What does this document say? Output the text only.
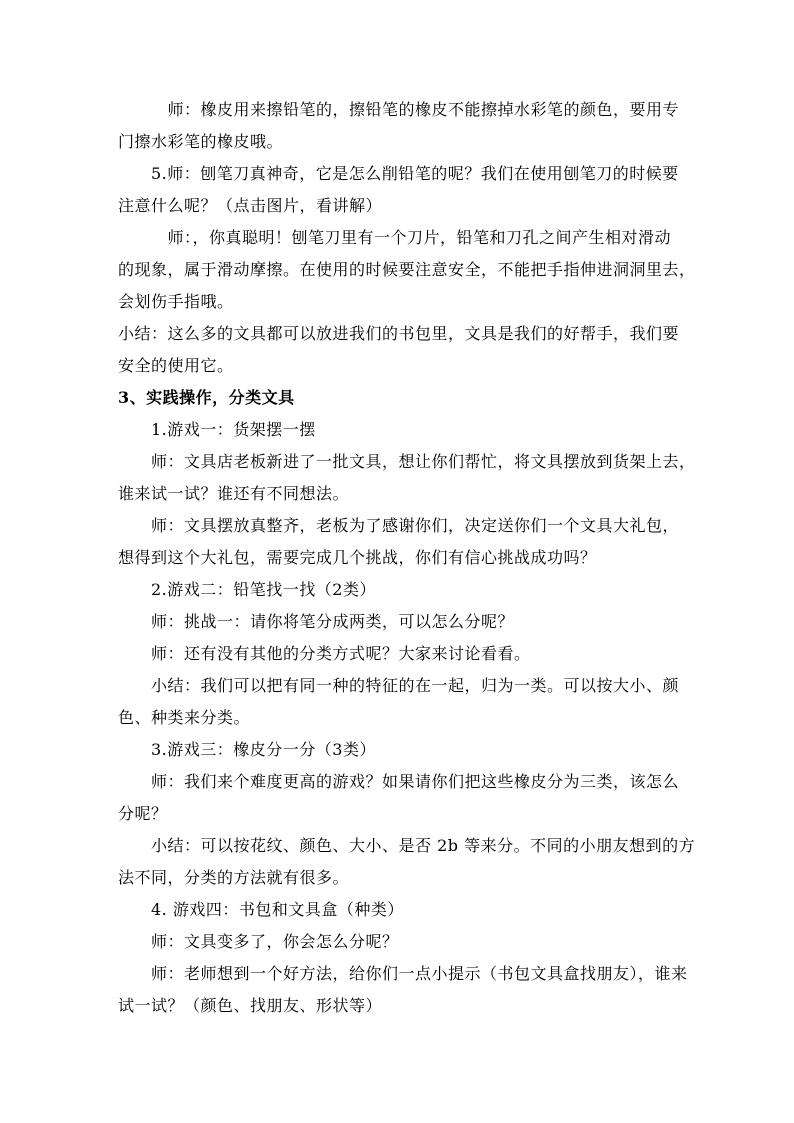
　　　师：橡皮用来擦铅笔的，擦铅笔的橡皮不能擦掉水彩笔的颜色，要用专

门擦水彩笔的橡皮哦。

　　5.师：刨笔刀真神奇，它是怎么削铅笔的呢？我们在使用刨笔刀的时候要

注意什么呢？（点击图片，看讲解）

　　　师：，你真聪明！刨笔刀里有一个刀片，铅笔和刀孔之间产生相对滑动

的现象，属于滑动摩擦。在使用的时候要注意安全，不能把手指伸进洞洞里去，

会划伤手指哦。

小结：这么多的文具都可以放进我们的书包里，文具是我们的好帮手，我们要

安全的使用它。

3、实践操作，分类文具

　　1.游戏一：货架摆一摆

　　师：文具店老板新进了一批文具，想让你们帮忙，将文具摆放到货架上去，

谁来试一试？谁还有不同想法。

　　师：文具摆放真整齐，老板为了感谢你们，决定送你们一个文具大礼包，

想得到这个大礼包，需要完成几个挑战，你们有信心挑战成功吗？

　　2.游戏二：铅笔找一找（2类）

　　师：挑战一：请你将笔分成两类，可以怎么分呢？

　　师：还有没有其他的分类方式呢？大家来讨论看看。

　　小结：我们可以把有同一种的特征的在一起，归为一类。可以按大小、颜

色、种类来分类。

　　3.游戏三：橡皮分一分（3类）

　　师：我们来个难度更高的游戏？如果请你们把这些橡皮分为三类，该怎么

分呢？

　　小结：可以按花纹、颜色、大小、是否 2b 等来分。不同的小朋友想到的方

法不同，分类的方法就有很多。

　　4. 游戏四：书包和文具盒（种类）

　　师：文具变多了，你会怎么分呢？

　　师：老师想到一个好方法，给你们一点小提示（书包文具盒找朋友），谁来

试一试？（颜色、找朋友、形状等）
